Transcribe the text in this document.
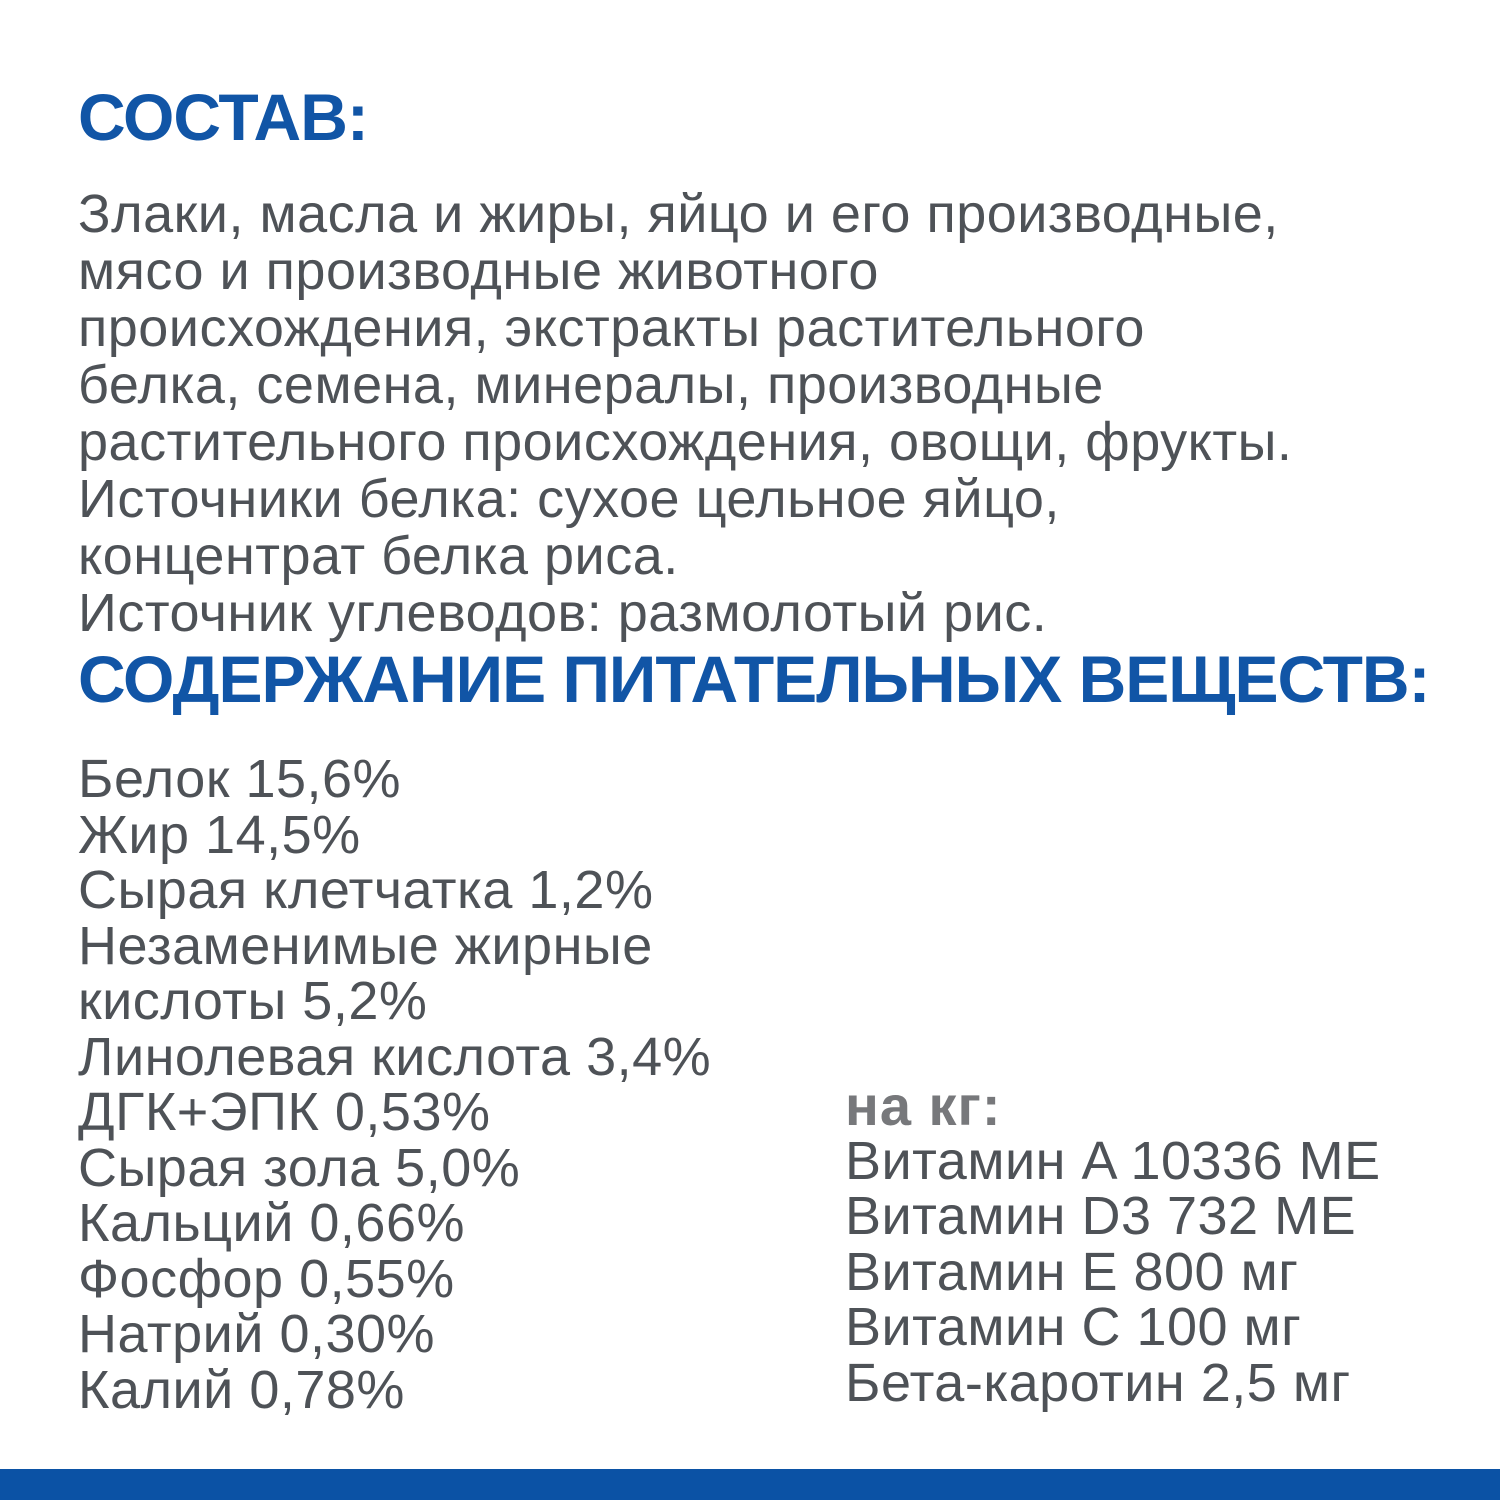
СОСТАВ:
Злаки, масла и жиры, яйцо и его производные,
мясо и производные животного
происхождения, экстракты растительного
белка, семена, минералы, производные
растительного происхождения, овощи, фрукты.
Источники белка: сухое цельное яйцо,
концентрат белка риса.
Источник углеводов: размолотый рис.
СОДЕРЖАНИЕ ПИТАТЕЛЬНЫХ ВЕЩЕСТВ:
Белок 15,6%
Жир 14,5%
Сырая клетчатка 1,2%
Незаменимые жирные
кислоты 5,2%
Линолевая кислота 3,4%
ДГК+ЭПК 0,53%
Сырая зола 5,0%
Кальций 0,66%
Фосфор 0,55%
Натрий 0,30%
Калий 0,78%
на кг:
Витамин A 10336 МЕ
Витамин D3 732 МЕ
Витамин E 800 мг
Витамин C 100 мг
Бета-каротин 2,5 мг
